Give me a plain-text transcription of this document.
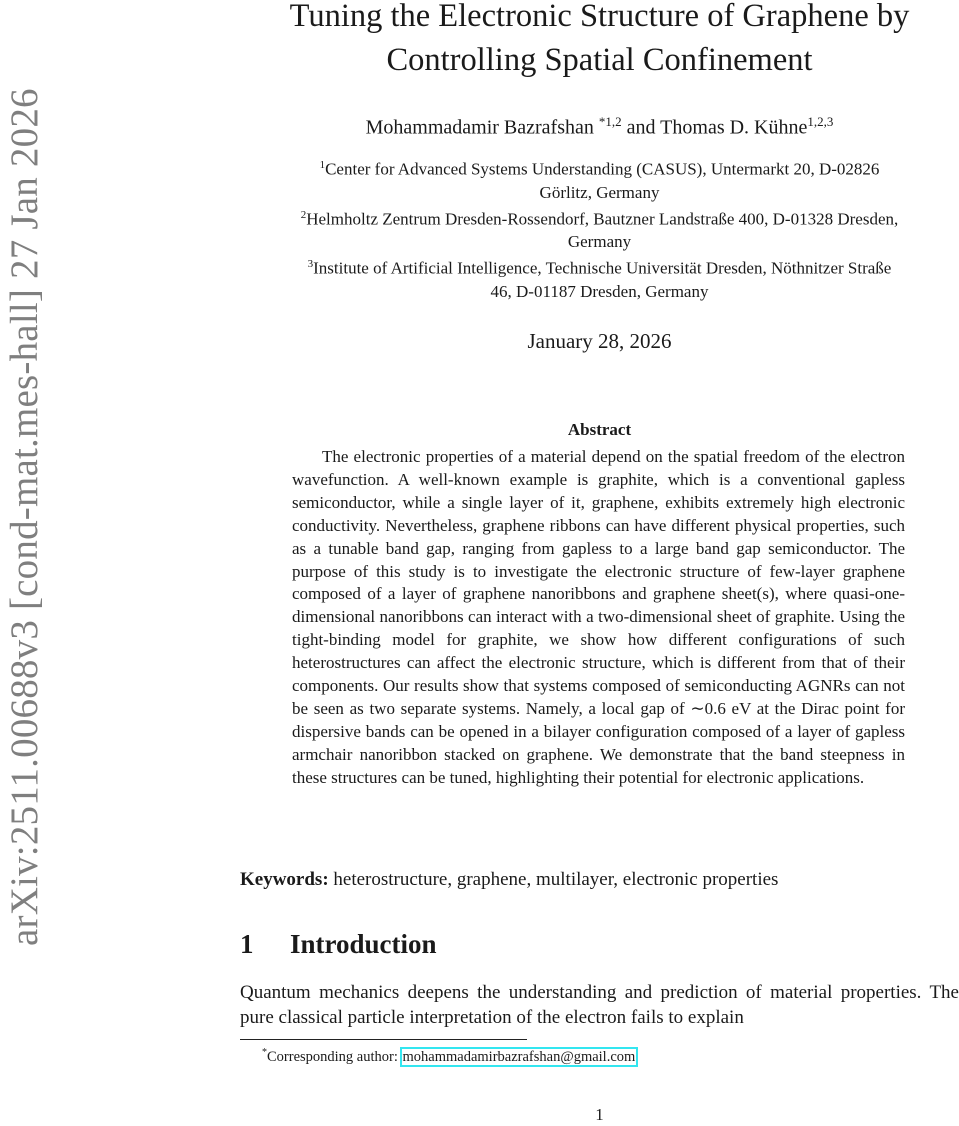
arXiv:2511.00688v3 [cond-mat.mes-hall] 27 Jan 2026
Tuning the Electronic Structure of Graphene by
Controlling Spatial Confinement
Mohammadamir Bazrafshan $^{*1,2}$ and Thomas D. Kühne$^{1,2,3}$
$^1$Center for Advanced Systems Understanding (CASUS), Untermarkt 20, D-02826
Görlitz, Germany
$^2$Helmholtz Zentrum Dresden-Rossendorf, Bautzner Landstraße 400, D-01328 Dresden,
Germany
$^3$Institute of Artificial Intelligence, Technische Universität Dresden, Nöthnitzer Straße
46, D-01187 Dresden, Germany
January 28, 2026
Abstract

The electronic properties of a material depend on the spatial freedom of the electron wavefunction. A well-known example is graphite, which is a conventional gapless semiconductor, while a single layer of it, graphene, exhibits extremely high electronic conductivity. Nevertheless, graphene ribbons can have different physical properties, such as a tunable band gap, ranging from gapless to a large band gap semiconductor. The purpose of this study is to investigate the electronic structure of few-layer graphene composed of a layer of graphene nanoribbons and graphene sheet(s), where quasi-one-dimensional nanoribbons can interact with a two-dimensional sheet of graphite. Using the tight-binding model for graphite, we show how different configurations of such heterostructures can affect the electronic structure, which is different from that of their components. Our results show that systems composed of semiconducting AGNRs can not be seen as two separate systems. Namely, a local gap of ∼0.6 eV at the Dirac point for dispersive bands can be opened in a bilayer configuration composed of a layer of gapless armchair nanoribbon stacked on graphene. We demonstrate that the band steepness in these structures can be tuned, highlighting their potential for electronic applications.

Keywords: heterostructure, graphene, multilayer, electronic properties
1 Introduction

Quantum mechanics deepens the understanding and prediction of material properties. The pure classical particle interpretation of the electron fails to explain

*Corresponding author: mohammadamirbazrafshan@gmail.com
1
